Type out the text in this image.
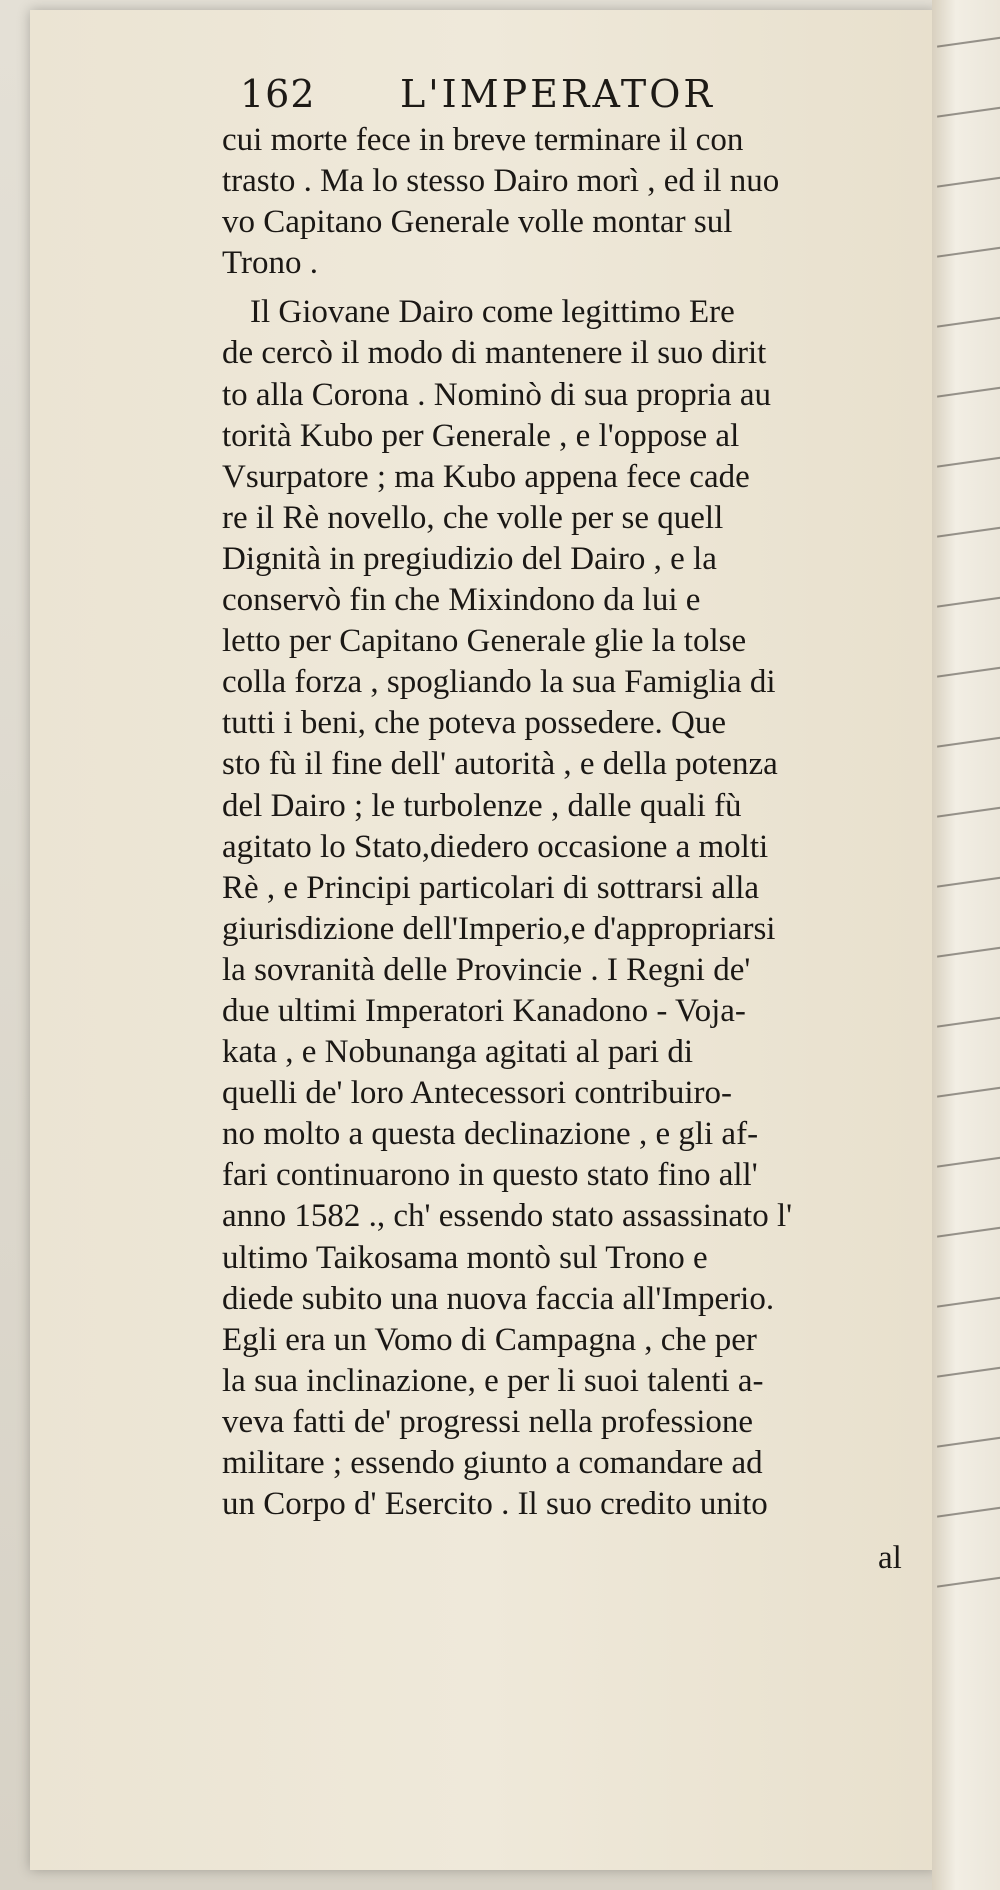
162 L'IMPERATOR
cui morte fece in breve terminare il con
trasto . Ma lo stesso Dairo morì , ed il nuo
vo Capitano Generale volle montar sul
Trono .
Il Giovane Dairo come legittimo Ere
de cercò il modo di mantenere il suo dirit
to alla Corona . Nominò di sua propria au
torità Kubo per Generale , e l'oppose al
Vsurpatore ; ma Kubo appena fece cade
re il Rè novello, che volle per se quell
Dignità in pregiudizio del Dairo , e la
conservò fin che Mixindono da lui e
letto per Capitano Generale glie la tolse
colla forza , spogliando la sua Famiglia di
tutti i beni, che poteva possedere. Que
sto fù il fine dell' autorità , e della potenza
del Dairo ; le turbolenze , dalle quali fù
agitato lo Stato,diedero occasione a molti
Rè , e Principi particolari di sottrarsi alla
giurisdizione dell'Imperio,e d'appropriarsi
la sovranità delle Provincie . I Regni de'
due ultimi Imperatori Kanadono - Voja-
kata , e Nobunanga agitati al pari di
quelli de' loro Antecessori contribuiro-
no molto a questa declinazione , e gli af-
fari continuarono in questo stato fino all'
anno 1582 ., ch' essendo stato assassinato l'
ultimo Taikosama montò sul Trono e
diede subito una nuova faccia all'Imperio.
Egli era un Vomo di Campagna , che per
la sua inclinazione, e per li suoi talenti a-
veva fatti de' progressi nella professione
militare ; essendo giunto a comandare ad
un Corpo d' Esercito . Il suo credito unito
al
